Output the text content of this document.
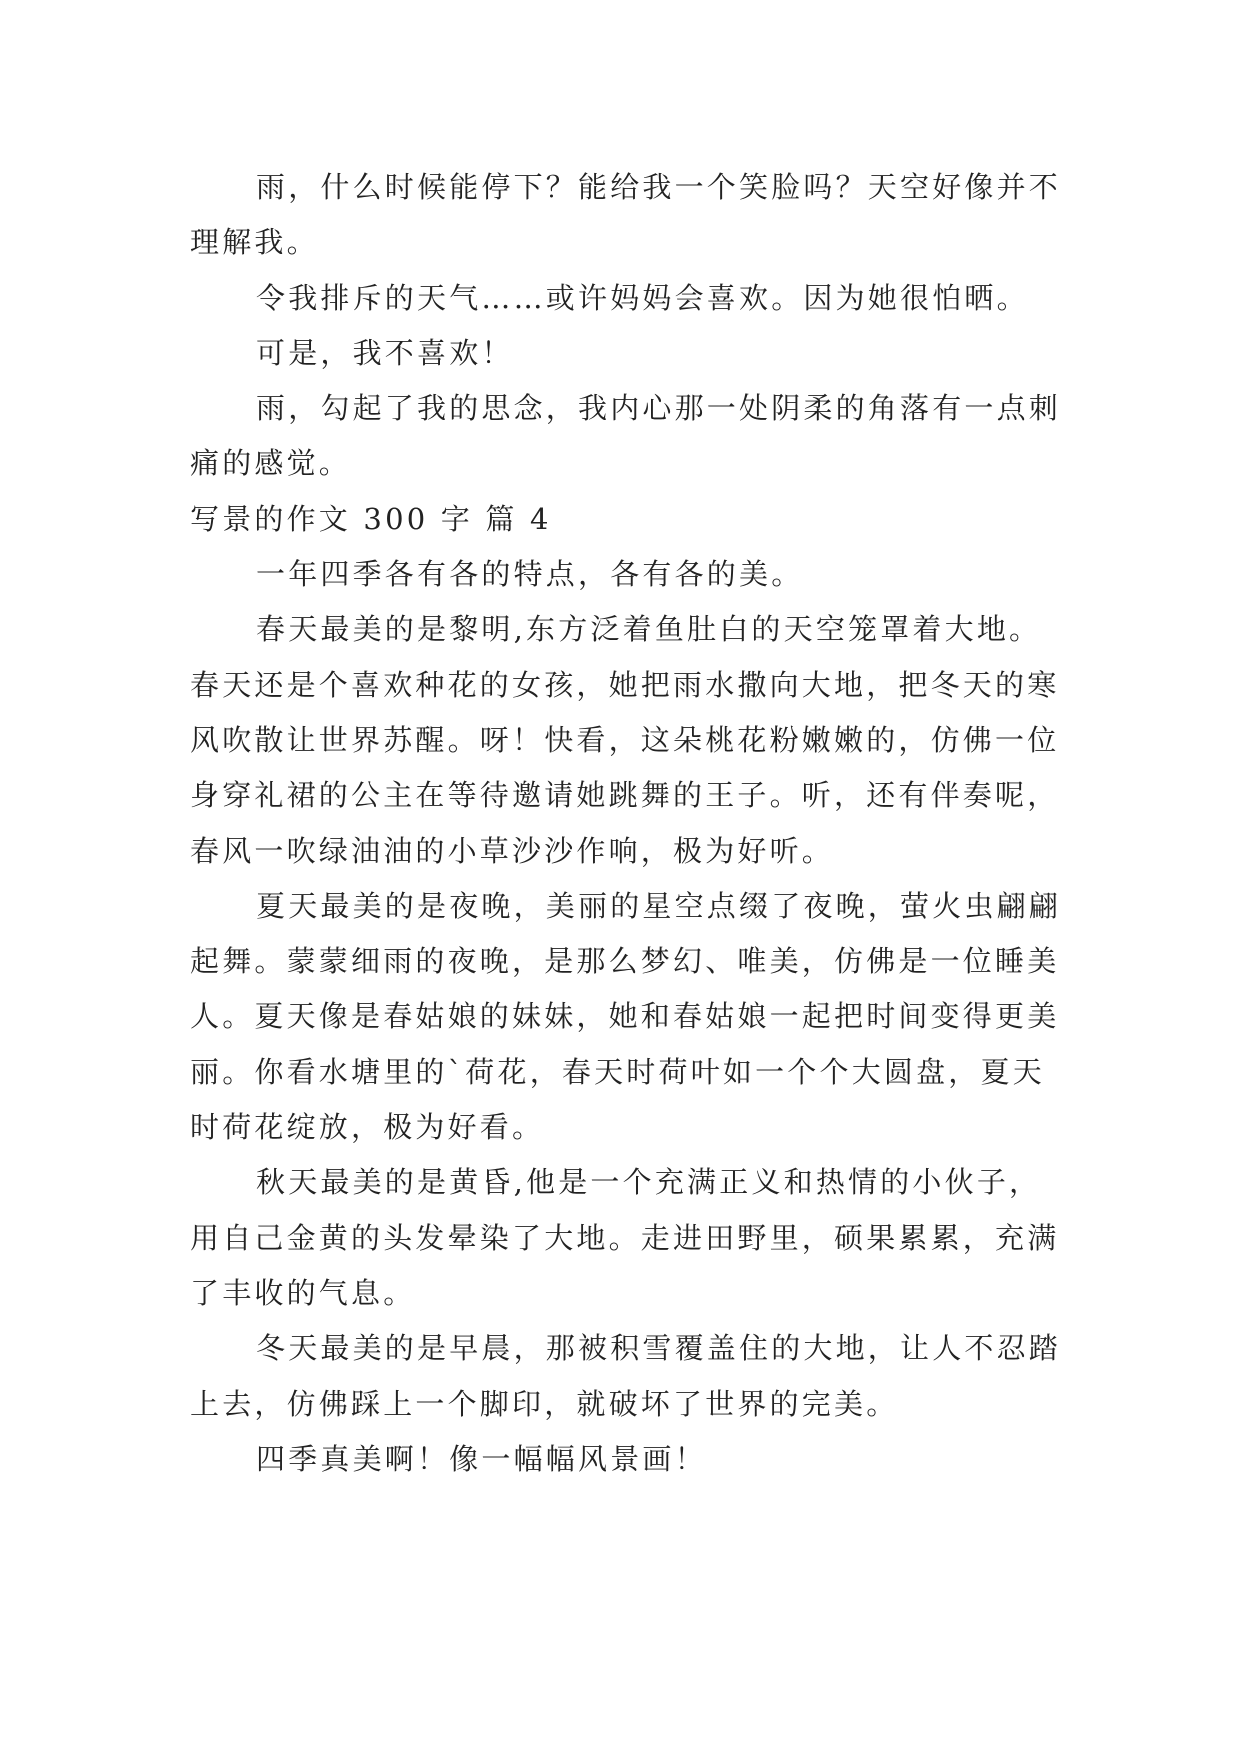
雨，什么时候能停下？能给我一个笑脸吗？天空好像并不理解我。

令我排斥的天气……或许妈妈会喜欢。因为她很怕晒。

可是，我不喜欢！

雨，勾起了我的思念，我内心那一处阴柔的角落有一点刺痛的感觉。

写景的作文 300 字 篇 4

一年四季各有各的特点，各有各的美。

春天最美的是黎明,东方泛着鱼肚白的天空笼罩着大地。春天还是个喜欢种花的女孩，她把雨水撒向大地，把冬天的寒风吹散让世界苏醒。呀！快看，这朵桃花粉嫩嫩的，仿佛一位身穿礼裙的公主在等待邀请她跳舞的王子。听，还有伴奏呢，春风一吹绿油油的小草沙沙作响，极为好听。

夏天最美的是夜晚，美丽的星空点缀了夜晚，萤火虫翩翩起舞。蒙蒙细雨的夜晚，是那么梦幻、唯美，仿佛是一位睡美人。夏天像是春姑娘的妹妹，她和春姑娘一起把时间变得更美丽。你看水塘里的`荷花，春天时荷叶如一个个大圆盘，夏天时荷花绽放，极为好看。

秋天最美的是黄昏,他是一个充满正义和热情的小伙子，用自己金黄的头发晕染了大地。走进田野里，硕果累累，充满了丰收的气息。

冬天最美的是早晨，那被积雪覆盖住的大地，让人不忍踏上去，仿佛踩上一个脚印，就破坏了世界的完美。

四季真美啊！像一幅幅风景画！
